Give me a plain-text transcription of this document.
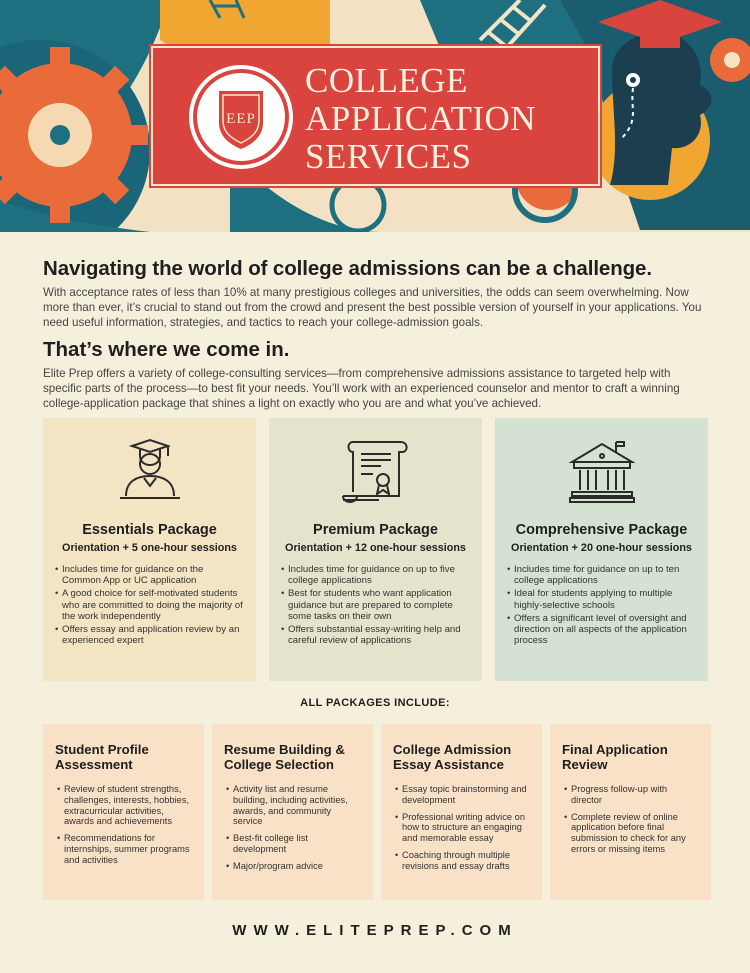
EEP
COLLEGE
APPLICATION
SERVICES
Navigating the world of college admissions can be a challenge.
With acceptance rates of less than 10% at many prestigious colleges and universities, the odds can seem overwhelming. Now more than ever, it’s crucial to stand out from the crowd and present the best possible version of yourself in your applications. You need useful information, strategies, and tactics to reach your college-admission goals.
That’s where we come in.
Elite Prep offers a variety of college-consulting services—from comprehensive admissions assistance to targeted help with specific parts of the process—to best fit your needs. You’ll work with an experienced counselor and mentor to craft a winning college-application package that shines a light on exactly who you are and what you’ve achieved.
Essentials Package
Orientation + 5 one-hour sessions
• Includes time for guidance on the Common App or UC application
• A good choice for self-motivated students who are committed to doing the majority of the work independently
• Offers essay and application review by an experienced expert
Premium Package
Orientation + 12 one-hour sessions
• Includes time for guidance on up to five college applications
• Best for students who want application guidance but are prepared to complete some tasks on their own
• Offers substantial essay-writing help and careful review of applications
Comprehensive Package
Orientation + 20 one-hour sessions
• Includes time for guidance on up to ten college applications
• Ideal for students applying to multiple highly-selective schools
• Offers a significant level of oversight and direction on all aspects of the application process
ALL PACKAGES INCLUDE:
Student Profile Assessment
• Review of student strengths, challenges, interests, hobbies, extracurricular activities, awards and achievements
• Recommendations for internships, summer programs and activities
Resume Building & College Selection
• Activity list and resume building, including activities, awards, and community service
• Best-fit college list development
• Major/program advice
College Admission Essay Assistance
• Essay topic brainstorming and development
• Professional writing advice on how to structure an engaging and memorable essay
• Coaching through multiple revisions and essay drafts
Final Application Review
• Progress follow-up with director
• Complete review of online application before final submission to check for any errors or missing items
WWW.ELITEPREP.COM
